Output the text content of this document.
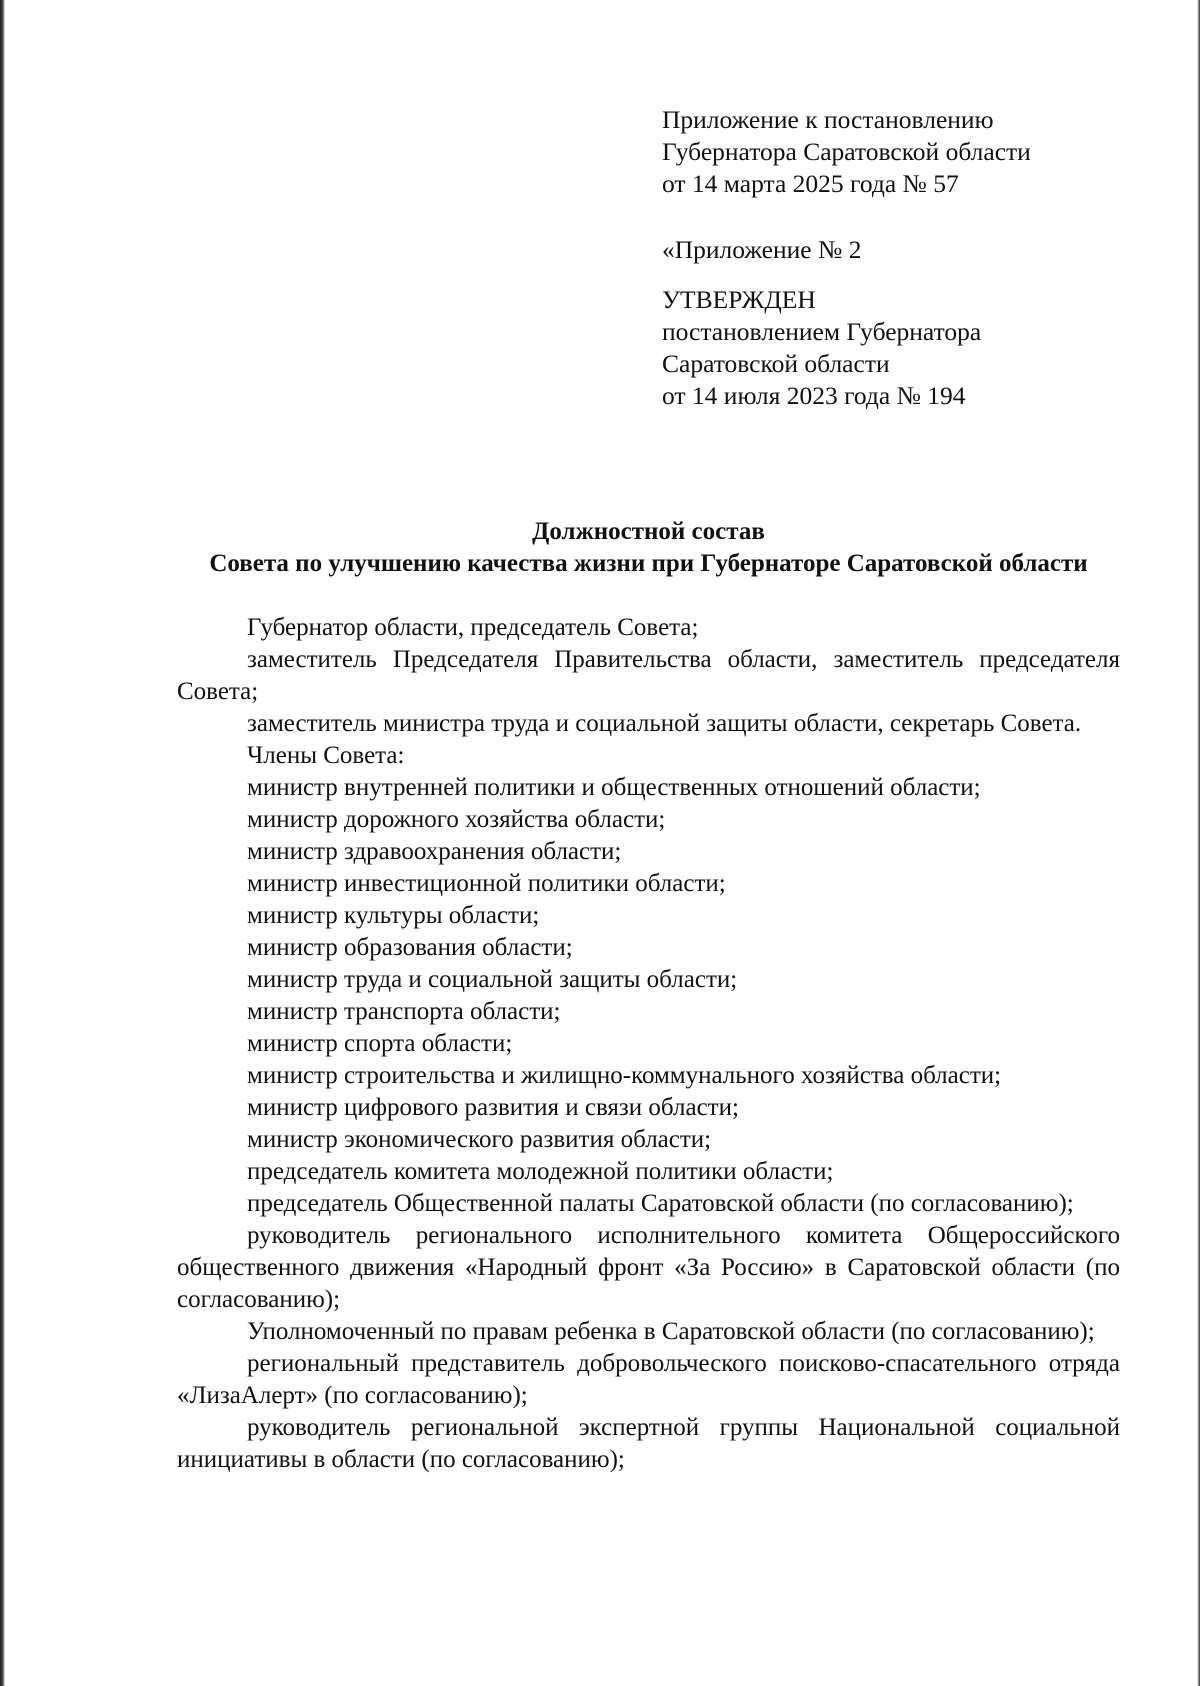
Приложение к постановлению
Губернатора Саратовской области
от 14 марта 2025 года № 57
«Приложение № 2
УТВЕРЖДЕН
постановлением Губернатора
Саратовской области
от 14 июля 2023 года № 194
Должностной состав
Совета по улучшению качества жизни при Губернаторе Саратовской области

Губернатор области, председатель Совета;

заместитель Председателя Правительства области, заместитель председателя Совета;

заместитель министра труда и социальной защиты области, секретарь Совета.

Члены Совета:

министр внутренней политики и общественных отношений области;

министр дорожного хозяйства области;

министр здравоохранения области;

министр инвестиционной политики области;

министр культуры области;

министр образования области;

министр труда и социальной защиты области;

министр транспорта области;

министр спорта области;

министр строительства и жилищно-коммунального хозяйства области;

министр цифрового развития и связи области;

министр экономического развития области;

председатель комитета молодежной политики области;

председатель Общественной палаты Саратовской области (по согласованию);

руководитель регионального исполнительного комитета Общероссийского общественного движения «Народный фронт «За Россию» в Саратовской области (по согласованию);

Уполномоченный по правам ребенка в Саратовской области (по согласованию);

региональный представитель добровольческого поисково-спасательного отряда «ЛизаАлерт» (по согласованию);

руководитель региональной экспертной группы Национальной социальной инициативы в области (по согласованию);
